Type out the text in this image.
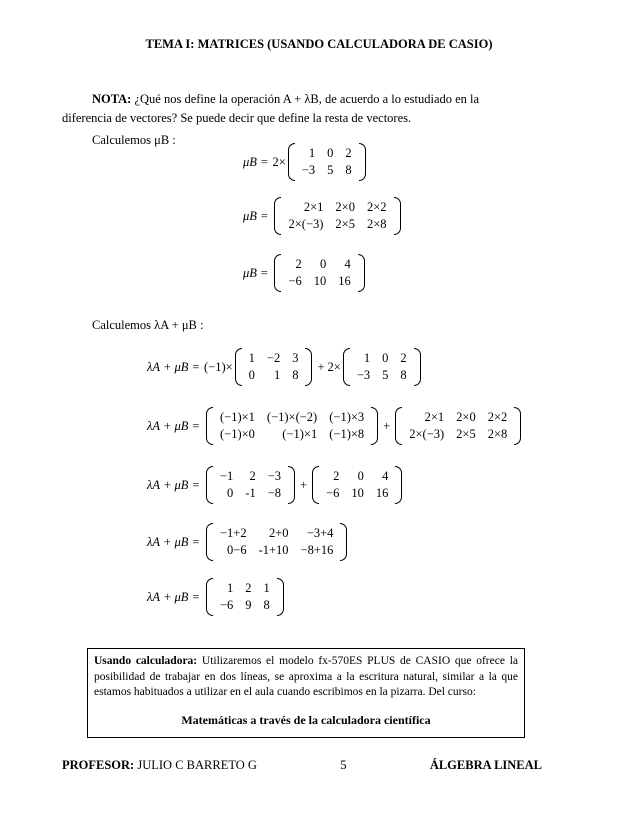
TEMA I: MATRICES (USANDO CALCULADORA DE CASIO)
NOTA: ¿Qué nos define la operación A + λB, de acuerdo a lo estudiado en la
diferencia de vectores? Se puede decir que define la resta de vectores.
Calculemos μB :
μB = 2×
1	0	2
−3	5	8
μB =
2×1	2×0	2×2
2×(−3)	2×5	2×8
μB =
2	0	4
−6	10	16
Calculemos λA + μB :
λA + μB = (−1)×
1	−2	3
0	1	8
+ 2×
1	0	2
−3	5	8
λA + μB =
(−1)×1	(−1)×(−2)	(−1)×3
(−1)×0	(−1)×1	(−1)×8
+
2×1	2×0	2×2
2×(−3)	2×5	2×8
λA + μB =
−1	2	−3
0	-1	−8
+
2	0	4
−6	10	16
λA + μB =
−1+2	2+0	−3+4
0−6	-1+10	−8+16
λA + μB =
1	2	1
−6	9	8
Usando calculadora: Utilizaremos el modelo fx-570ES PLUS de CASIO que ofrece la posibilidad de trabajar en dos líneas, se aproxima a la escritura natural, similar a la que estamos habituados a utilizar en el aula cuando escribimos en la pizarra. Del curso:
Matemáticas a través de la calculadora científica
PROFESOR: JULIO C BARRETO G	5	ÁLGEBRA LINEAL
